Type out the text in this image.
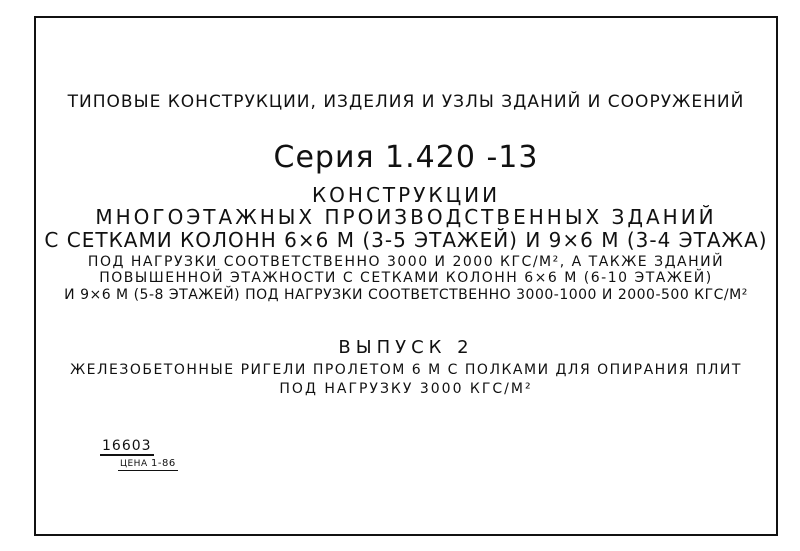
ТИПОВЫЕ КОНСТРУКЦИИ, ИЗДЕЛИЯ И УЗЛЫ ЗДАНИЙ И СООРУЖЕНИЙ
Серия 1.420 -13
КОНСТРУКЦИИ
МНОГОЭТАЖНЫХ ПРОИЗВОДСТВЕННЫХ ЗДАНИЙ
С СЕТКАМИ КОЛОНН 6×6 М (3-5 ЭТАЖЕЙ) И 9×6 М (3-4 ЭТАЖА)
ПОД НАГРУЗКИ СООТВЕТСТВЕННО 3000 И 2000 КГС/М², А ТАКЖЕ ЗДАНИЙ
ПОВЫШЕННОЙ ЭТАЖНОСТИ С СЕТКАМИ КОЛОНН 6×6 М (6-10 ЭТАЖЕЙ)
И 9×6 М (5-8 ЭТАЖЕЙ) ПОД НАГРУЗКИ СООТВЕТСТВЕННО 3000-1000 И 2000-500 КГС/М²
ВЫПУСК 2
ЖЕЛЕЗОБЕТОННЫЕ РИГЕЛИ ПРОЛЕТОМ 6 М С ПОЛКАМИ ДЛЯ ОПИРАНИЯ ПЛИТ
ПОД НАГРУЗКУ 3000 КГС/М²
16603
ЦЕНА 1-86
